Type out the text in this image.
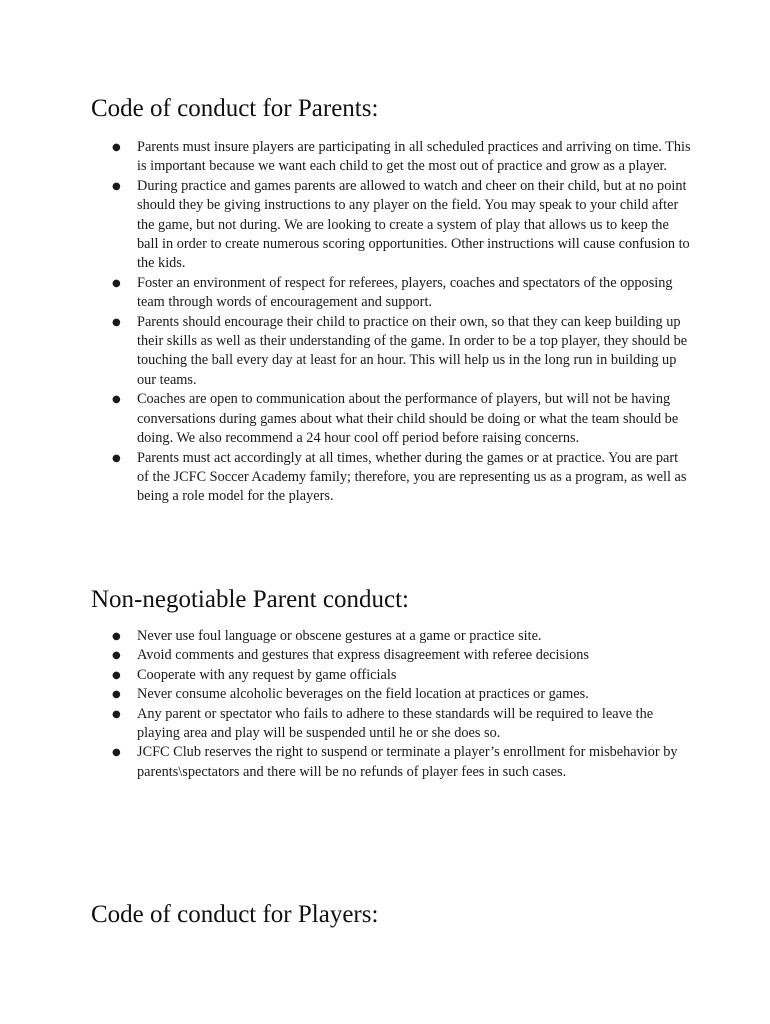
Code of conduct for Parents:
● Parents must insure players are participating in all scheduled practices and arriving on time. This is important because we want each child to get the most out of practice and grow as a player.
● During practice and games parents are allowed to watch and cheer on their child, but at no point should they be giving instructions to any player on the field. You may speak to your child after the game, but not during. We are looking to create a system of play that allows us to keep the ball in order to create numerous scoring opportunities. Other instructions will cause confusion to the kids.
● Foster an environment of respect for referees, players, coaches and spectators of the opposing team through words of encouragement and support.
● Parents should encourage their child to practice on their own, so that they can keep building up their skills as well as their understanding of the game. In order to be a top player, they should be touching the ball every day at least for an hour. This will help us in the long run in building up our teams.
● Coaches are open to communication about the performance of players, but will not be having conversations during games about what their child should be doing or what the team should be doing. We also recommend a 24 hour cool off period before raising concerns.
● Parents must act accordingly at all times, whether during the games or at practice. You are part of the JCFC Soccer Academy family; therefore, you are representing us as a program, as well as being a role model for the players.
Non-negotiable Parent conduct:
● Never use foul language or obscene gestures at a game or practice site.
● Avoid comments and gestures that express disagreement with referee decisions
● Cooperate with any request by game officials
● Never consume alcoholic beverages on the field location at practices or games.
● Any parent or spectator who fails to adhere to these standards will be required to leave the playing area and play will be suspended until he or she does so.
● JCFC Club reserves the right to suspend or terminate a player’s enrollment for misbehavior by parents\spectators and there will be no refunds of player fees in such cases.
Code of conduct for Players:
